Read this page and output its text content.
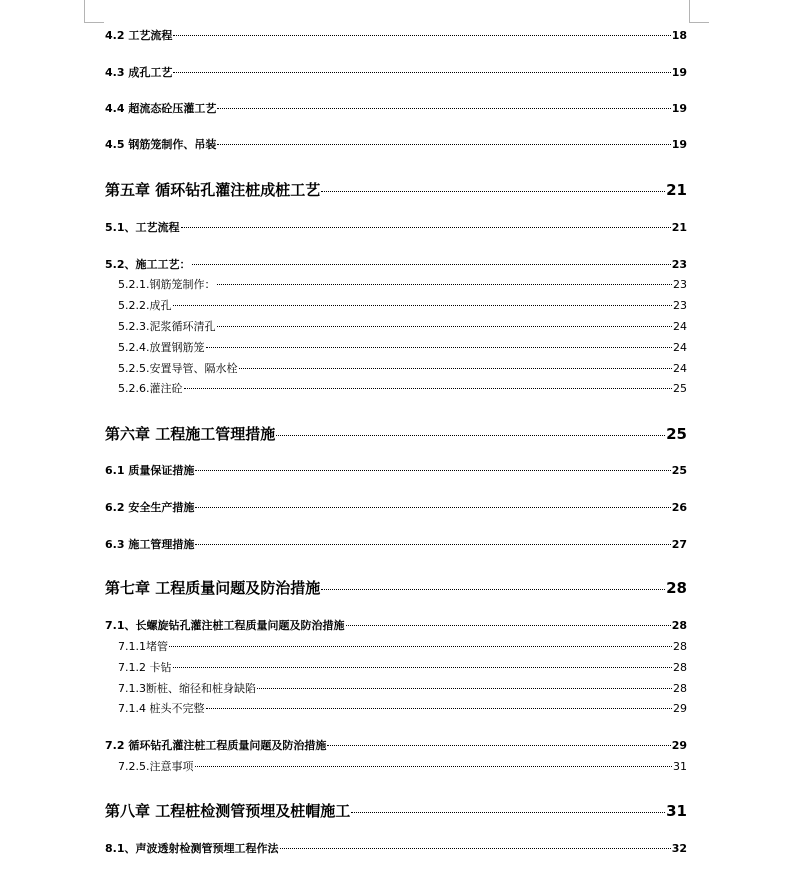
4.2 工艺流程	18
4.3 成孔工艺	19
4.4 超流态砼压灌工艺	19
4.5 钢筋笼制作、吊装	19
第五章 循环钻孔灌注桩成桩工艺	21
5.1、工艺流程	21
5.2、施工工艺：	23
5.2.1.钢筋笼制作：	23
5.2.2.成孔	23
5.2.3.泥浆循环清孔	24
5.2.4.放置钢筋笼	24
5.2.5.安置导管、隔水栓	24
5.2.6.灌注砼	25
第六章 工程施工管理措施	25
6.1 质量保证措施	25
6.2 安全生产措施	26
6.3 施工管理措施	27
第七章 工程质量问题及防治措施	28
7.1、长螺旋钻孔灌注桩工程质量问题及防治措施	28
7.1.1堵管	28
7.1.2 卡钻	28
7.1.3断桩、缩径和桩身缺陷	28
7.1.4 桩头不完整	29
7.2 循环钻孔灌注桩工程质量问题及防治措施	29
7.2.5.注意事项	31
第八章 工程桩检测管预埋及桩帽施工	31
8.1、声波透射检测管预埋工程作法	32
